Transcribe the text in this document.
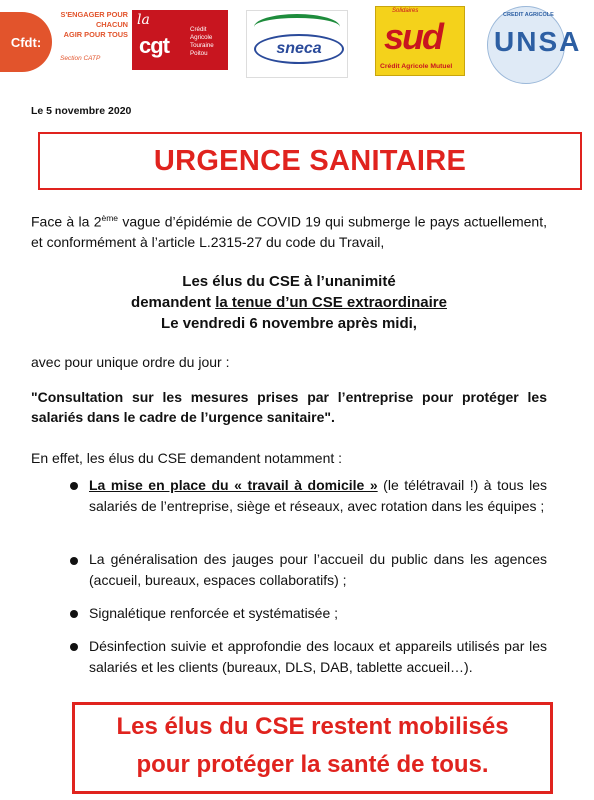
Cfdt:
S'ENGAGER POUR CHACUN
AGIR POUR TOUS
Section CATP
la
cgt
Crédit
Agricole
Touraine
Poitou	sneca
Solidaires
sud
Crédit Agricole Mutuel
CREDIT AGRICOLE
UNSA
Le 5 novembre 2020
URGENCE SANITAIRE
Face à la 2ème vague d’épidémie de COVID 19 qui submerge le pays actuellement, et conformément à l’article L.2315-27 du code du Travail,
Les élus du CSE à l’unanimité
demandent la tenue d’un CSE extraordinaire
Le vendredi 6 novembre après midi,
avec pour unique ordre du jour :
"Consultation sur les mesures prises par l’entreprise pour protéger les salariés dans le cadre de l’urgence sanitaire".
En effet, les élus du CSE demandent notamment :
La mise en place du « travail à domicile » (le télétravail !) à tous les salariés de l’entreprise, siège et réseaux, avec rotation dans les équipes ;
La généralisation des jauges pour l’accueil du public dans les agences (accueil, bureaux, espaces collaboratifs) ;
Signalétique renforcée et systématisée ;
Désinfection suivie et approfondie des locaux et appareils utilisés par les salariés et les clients (bureaux, DLS, DAB, tablette accueil…).
Les élus du CSE restent mobilisés
pour protéger la santé de tous.
